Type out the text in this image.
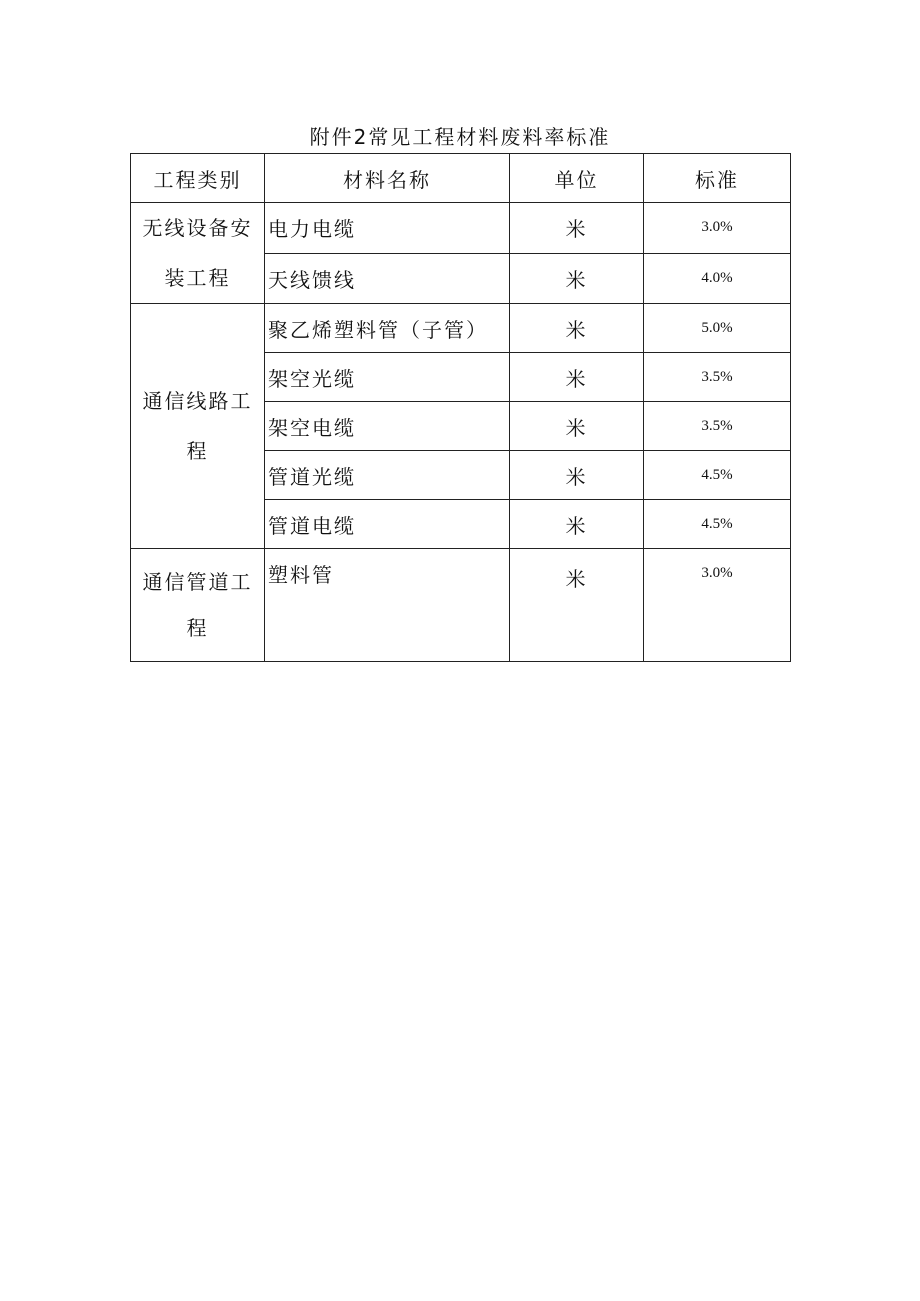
附件2常见工程材料废料率标准
工程类别	材料名称	单位	标准
无线设备安装工程	电力电缆	米	3.0%
	天线馈线	米	4.0%
通信线路工程	聚乙烯塑料管（子管）	米	5.0%
	架空光缆	米	3.5%
	架空电缆	米	3.5%
	管道光缆	米	4.5%
	管道电缆	米	4.5%
通信管道工程	塑料管	米	3.0%
